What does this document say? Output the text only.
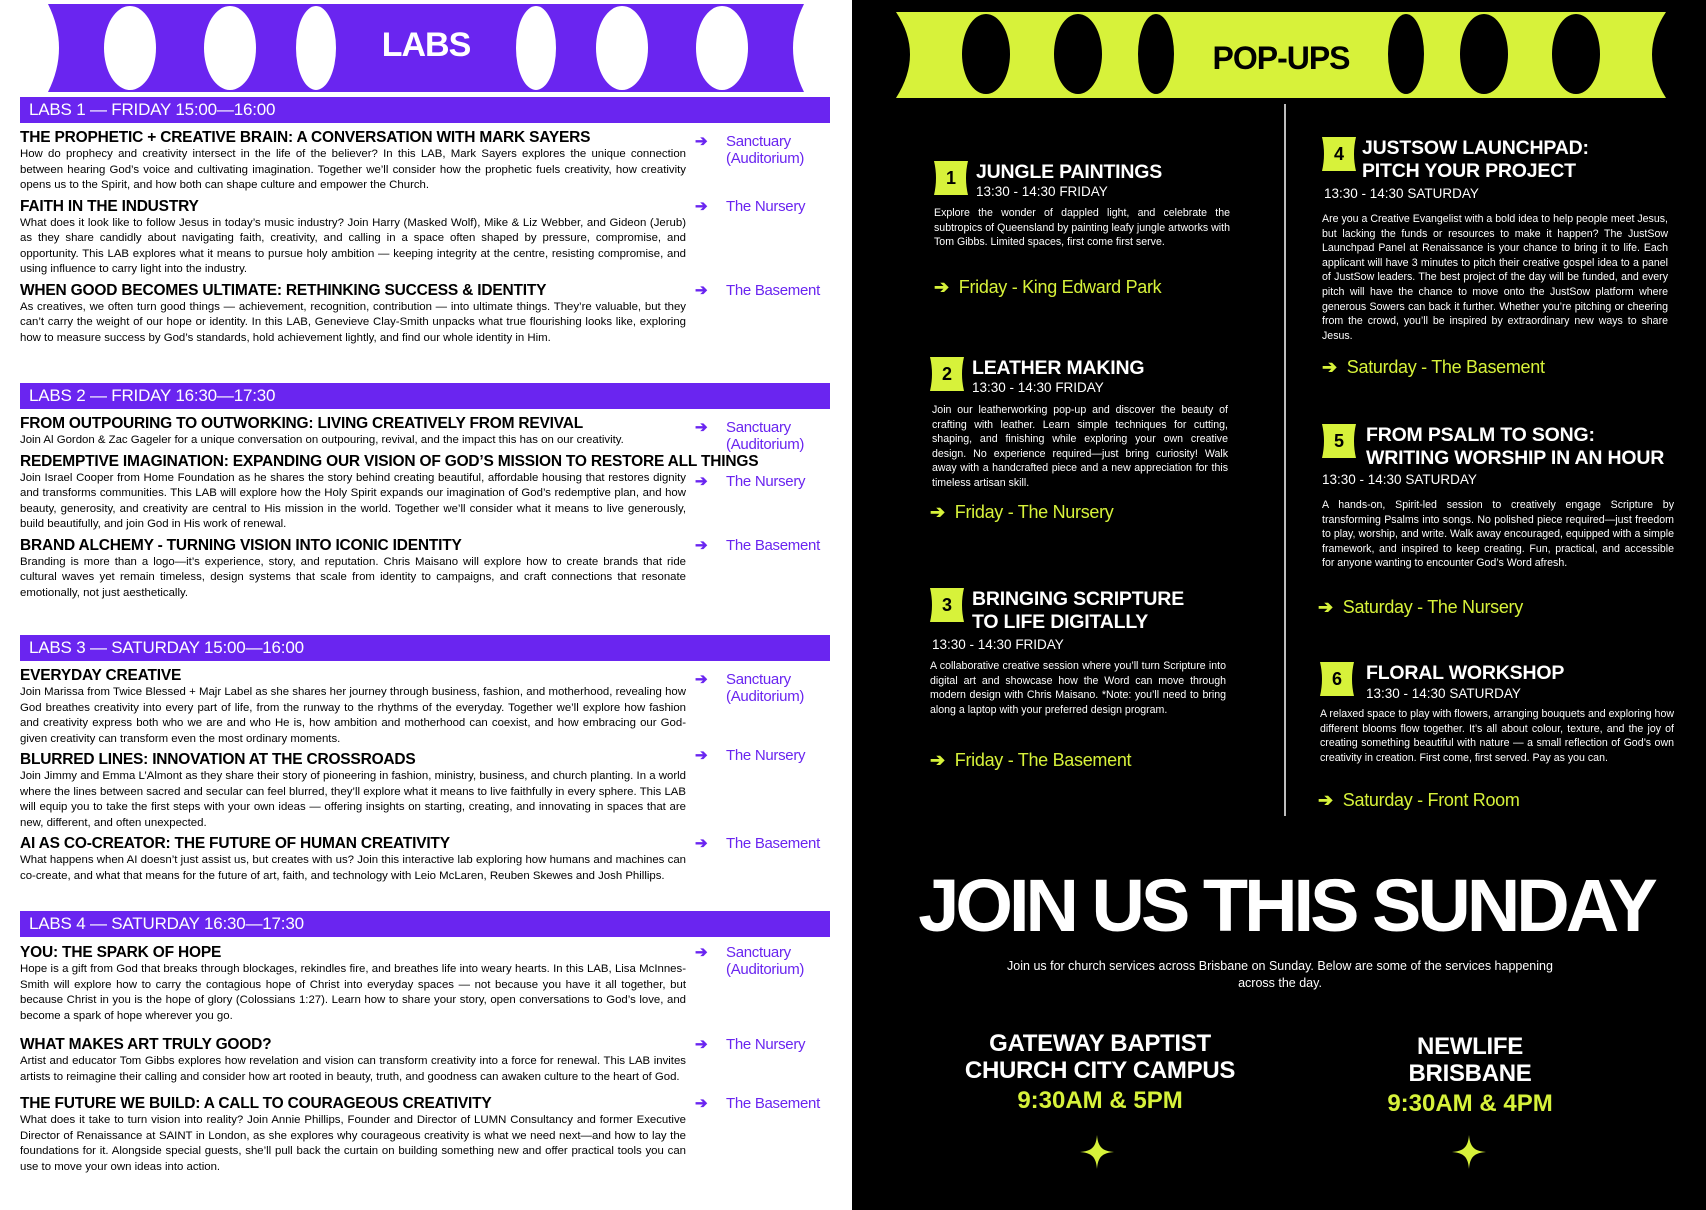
LABS	POP-UPS
LABS 1 — FRIDAY 15:00—16:00
THE PROPHETIC + CREATIVE BRAIN: A CONVERSATION WITH MARK SAYERS
How do prophecy and creativity intersect in the life of the believer? In this LAB, Mark Sayers explores the unique connection between hearing God’s voice and cultivating imagination. Together we’ll consider how the prophetic fuels creativity, how creativity opens us to the Spirit, and how both can shape culture and empower the Church.
➔	Sanctuary (Auditorium)
FAITH IN THE INDUSTRY
What does it look like to follow Jesus in today’s music industry? Join Harry (Masked Wolf), Mike & Liz Webber, and Gideon (Jerub) as they share candidly about navigating faith, creativity, and calling in a space often shaped by pressure, compromise, and opportunity. This LAB explores what it means to pursue holy ambition — keeping integrity at the centre, resisting compromise, and using influence to carry light into the industry.
➔	The Nursery
WHEN GOOD BECOMES ULTIMATE: RETHINKING SUCCESS & IDENTITY
As creatives, we often turn good things — achievement, recognition, contribution — into ultimate things. They’re valuable, but they can’t carry the weight of our hope or identity. In this LAB, Genevieve Clay-Smith unpacks what true flourishing looks like, exploring how to measure success by God’s standards, hold achievement lightly, and find our whole identity in Him.
➔	The Basement
LABS 2 — FRIDAY 16:30—17:30
FROM OUTPOURING TO OUTWORKING: LIVING CREATIVELY FROM REVIVAL
Join Al Gordon & Zac Gageler for a unique conversation on outpouring, revival, and the impact this has on our creativity.
➔	Sanctuary (Auditorium)
REDEMPTIVE IMAGINATION: EXPANDING OUR VISION OF GOD’S MISSION TO RESTORE ALL THINGS
Join Israel Cooper from Home Foundation as he shares the story behind creating beautiful, affordable housing that restores dignity and transforms communities. This LAB will explore how the Holy Spirit expands our imagination of God’s redemptive plan, and how beauty, generosity, and creativity are central to His mission in the world. Together we’ll consider what it means to live generously, build beautifully, and join God in His work of renewal.
➔	The Nursery
BRAND ALCHEMY - TURNING VISION INTO ICONIC IDENTITY
Branding is more than a logo—it’s experience, story, and reputation. Chris Maisano will explore how to create brands that ride cultural waves yet remain timeless, design systems that scale from identity to campaigns, and craft connections that resonate emotionally, not just aesthetically.
➔	The Basement
LABS 3 — SATURDAY 15:00—16:00
EVERYDAY CREATIVE
Join Marissa from Twice Blessed + Majr Label as she shares her journey through business, fashion, and motherhood, revealing how God breathes creativity into every part of life, from the runway to the rhythms of the everyday. Together we’ll explore how fashion and creativity express both who we are and who He is, how ambition and motherhood can coexist, and how embracing our God-given creativity can transform even the most ordinary moments.
➔	Sanctuary (Auditorium)
BLURRED LINES: INNOVATION AT THE CROSSROADS
Join Jimmy and Emma L’Almont as they share their story of pioneering in fashion, ministry, business, and church planting. In a world where the lines between sacred and secular can feel blurred, they’ll explore what it means to live faithfully in every sphere. This LAB will equip you to take the first steps with your own ideas — offering insights on starting, creating, and innovating in spaces that are new, different, and often unexpected.
➔	The Nursery
AI AS CO-CREATOR: THE FUTURE OF HUMAN CREATIVITY
What happens when AI doesn’t just assist us, but creates with us? Join this interactive lab exploring how humans and machines can co-create, and what that means for the future of art, faith, and technology with Leio McLaren, Reuben Skewes and Josh Phillips.
➔	The Basement
LABS 4 — SATURDAY 16:30—17:30
YOU: THE SPARK OF HOPE
Hope is a gift from God that breaks through blockages, rekindles fire, and breathes life into weary hearts. In this LAB, Lisa McInnes-Smith will explore how to carry the contagious hope of Christ into everyday spaces — not because you have it all together, but because Christ in you is the hope of glory (Colossians 1:27). Learn how to share your story, open conversations to God’s love, and become a spark of hope wherever you go.
➔	Sanctuary (Auditorium)
WHAT MAKES ART TRULY GOOD?
Artist and educator Tom Gibbs explores how revelation and vision can transform creativity into a force for renewal. This LAB invites artists to reimagine their calling and consider how art rooted in beauty, truth, and goodness can awaken culture to the heart of God.
➔	The Nursery
THE FUTURE WE BUILD: A CALL TO COURAGEOUS CREATIVITY
What does it take to turn vision into reality? Join Annie Phillips, Founder and Director of LUMN Consultancy and former Executive Director of Renaissance at SAINT in London, as she explores why courageous creativity is what we need next—and how to lay the foundations for it. Alongside special guests, she’ll pull back the curtain on building something new and offer practical tools you can use to move your own ideas into action.
➔	The Basement
1	JUNGLE PAINTINGS
13:30 - 14:30 FRIDAY
Explore the wonder of dappled light, and celebrate the subtropics of Queensland by painting leafy jungle artworks with Tom Gibbs. Limited spaces, first come first serve.
➔ Friday - King Edward Park
2	LEATHER MAKING
13:30 - 14:30 FRIDAY
Join our leatherworking pop-up and discover the beauty of crafting with leather. Learn simple techniques for cutting, shaping, and finishing while exploring your own creative design. No experience required—just bring curiosity! Walk away with a handcrafted piece and a new appreciation for this timeless artisan skill.
➔ Friday - The Nursery
3	BRINGING SCRIPTURE
TO LIFE DIGITALLY
13:30 - 14:30 FRIDAY
A collaborative creative session where you’ll turn Scripture into digital art and showcase how the Word can move through modern design with Chris Maisano. *Note: you’ll need to bring along a laptop with your preferred design program.
➔ Friday - The Basement
4 JUSTSOW LAUNCHPAD:
PITCH YOUR PROJECT
13:30 - 14:30 SATURDAY
Are you a Creative Evangelist with a bold idea to help people meet Jesus, but lacking the funds or resources to make it happen? The JustSow Launchpad Panel at Renaissance is your chance to bring it to life. Each applicant will have 3 minutes to pitch their creative gospel idea to a panel of JustSow leaders. The best project of the day will be funded, and every pitch will have the chance to move onto the JustSow platform where generous Sowers can back it further. Whether you’re pitching or cheering from the crowd, you’ll be inspired by extraordinary new ways to share Jesus.
➔ Saturday - The Basement
5	FROM PSALM TO SONG:
WRITING WORSHIP IN AN HOUR
13:30 - 14:30 SATURDAY
A hands-on, Spirit-led session to creatively engage Scripture by transforming Psalms into songs. No polished piece required—just freedom to play, worship, and write. Walk away encouraged, equipped with a simple framework, and inspired to keep creating. Fun, practical, and accessible for anyone wanting to encounter God’s Word afresh.
➔ Saturday - The Nursery
6	FLORAL WORKSHOP
13:30 - 14:30 SATURDAY
A relaxed space to play with flowers, arranging bouquets and exploring how different blooms flow together. It’s all about colour, texture, and the joy of creating something beautiful with nature — a small reflection of God’s own creativity in creation. First come, first served. Pay as you can.
➔ Saturday - Front Room
JOIN US THIS SUNDAY
Join us for church services across Brisbane on Sunday. Below are some of the services happening across the day.
GATEWAY BAPTIST
CHURCH CITY CAMPUS
9:30AM & 5PM
NEWLIFE
BRISBANE
9:30AM & 4PM
